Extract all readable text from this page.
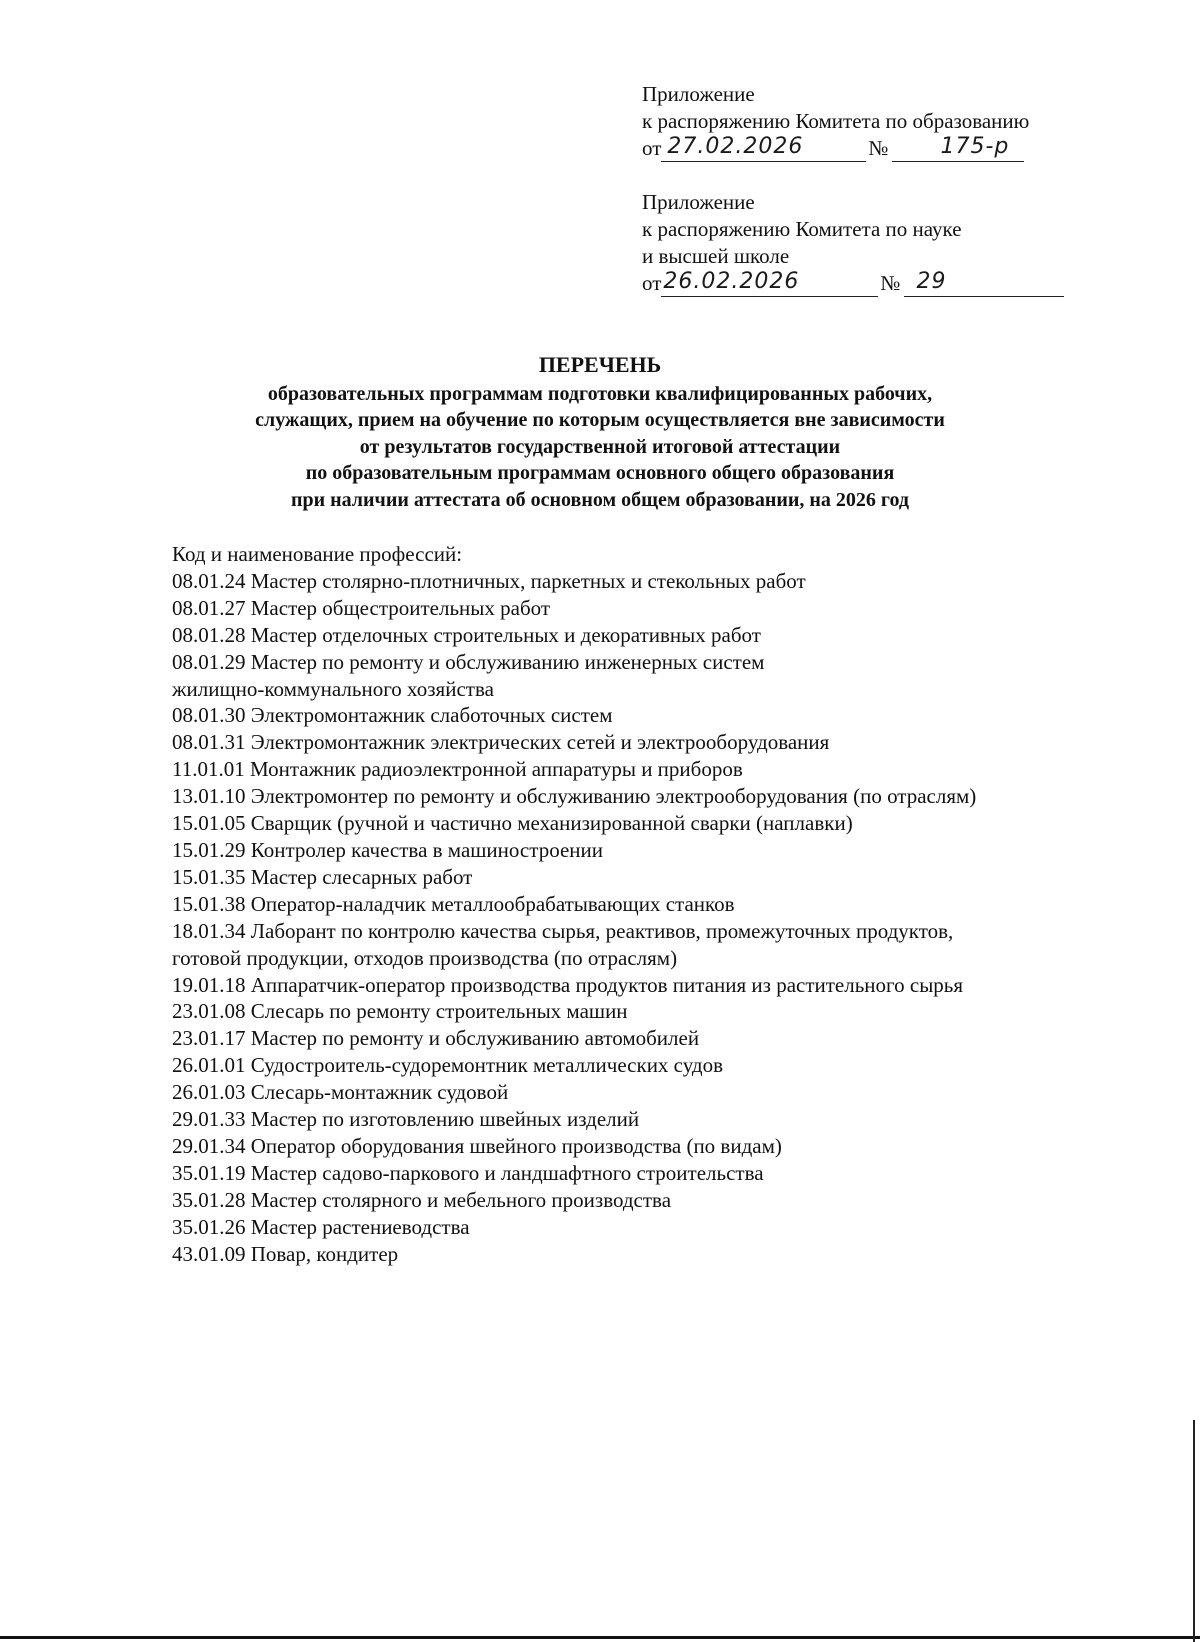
Приложение
к распоряжению Комитета по образованию
от 27.02.2026	№ 175-р
Приложение
к распоряжению Комитета по науке
и высшей школе
от 26.02.2026	№ 29
ПЕРЕЧЕНЬ
образовательных программам подготовки квалифицированных рабочих,
служащих, прием на обучение по которым осуществляется вне зависимости
от результатов государственной итоговой аттестации
по образовательным программам основного общего образования
при наличии аттестата об основном общем образовании, на 2026 год
Код и наименование профессий:
08.01.24 Мастер столярно-плотничных, паркетных и стекольных работ
08.01.27 Мастер общестроительных работ
08.01.28 Мастер отделочных строительных и декоративных работ
08.01.29 Мастер по ремонту и обслуживанию инженерных систем
жилищно-коммунального хозяйства
08.01.30 Электромонтажник слаботочных систем
08.01.31 Электромонтажник электрических сетей и электрооборудования
11.01.01 Монтажник радиоэлектронной аппаратуры и приборов
13.01.10 Электромонтер по ремонту и обслуживанию электрооборудования (по отраслям)
15.01.05 Сварщик (ручной и частично механизированной сварки (наплавки)
15.01.29 Контролер качества в машиностроении
15.01.35 Мастер слесарных работ
15.01.38 Оператор-наладчик металлообрабатывающих станков
18.01.34 Лаборант по контролю качества сырья, реактивов, промежуточных продуктов,
готовой продукции, отходов производства (по отраслям)
19.01.18 Аппаратчик-оператор производства продуктов питания из растительного сырья
23.01.08 Слесарь по ремонту строительных машин
23.01.17 Мастер по ремонту и обслуживанию автомобилей
26.01.01 Судостроитель-судоремонтник металлических судов
26.01.03 Слесарь-монтажник судовой
29.01.33 Мастер по изготовлению швейных изделий
29.01.34 Оператор оборудования швейного производства (по видам)
35.01.19 Мастер садово-паркового и ландшафтного строительства
35.01.28 Мастер столярного и мебельного производства
35.01.26 Мастер растениеводства
43.01.09 Повар, кондитер
